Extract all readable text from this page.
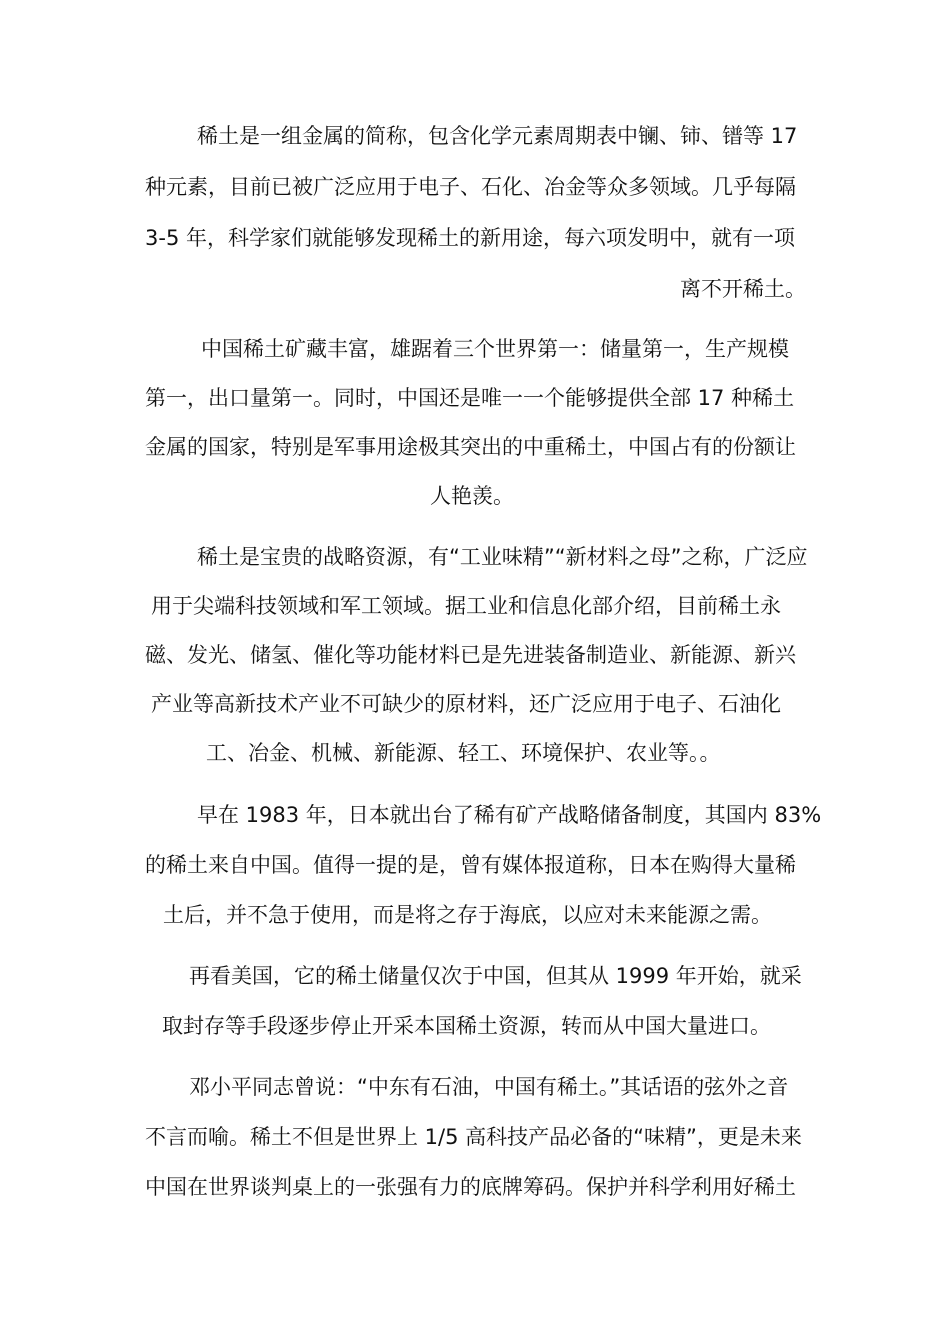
稀土是一组金属的简称，包含化学元素周期表中镧、铈、镨等 17
种元素，目前已被广泛应用于电子、石化、冶金等众多领域。几乎每隔
3-5 年，科学家们就能够发现稀土的新用途，每六项发明中，就有一项
离不开稀土。
中国稀土矿藏丰富，雄踞着三个世界第一：储量第一，生产规模
第一，出口量第一。同时，中国还是唯一一个能够提供全部 17 种稀土
金属的国家，特别是军事用途极其突出的中重稀土，中国占有的份额让
人艳羡。
稀土是宝贵的战略资源，有“工业味精”“新材料之母”之称，广泛应
用于尖端科技领域和军工领域。据工业和信息化部介绍，目前稀土永
磁、发光、储氢、催化等功能材料已是先进装备制造业、新能源、新兴
产业等高新技术产业不可缺少的原材料，还广泛应用于电子、石油化
工、冶金、机械、新能源、轻工、环境保护、农业等。。
早在 1983 年，日本就出台了稀有矿产战略储备制度，其国内 83%
的稀土来自中国。值得一提的是，曾有媒体报道称，日本在购得大量稀
土后，并不急于使用，而是将之存于海底，以应对未来能源之需。
再看美国，它的稀土储量仅次于中国，但其从 1999 年开始，就采
取封存等手段逐步停止开采本国稀土资源，转而从中国大量进口。
邓小平同志曾说：“中东有石油，中国有稀土。”其话语的弦外之音
不言而喻。稀土不但是世界上 1/5 高科技产品必备的“味精”，更是未来
中国在世界谈判桌上的一张强有力的底牌筹码。保护并科学利用好稀土
